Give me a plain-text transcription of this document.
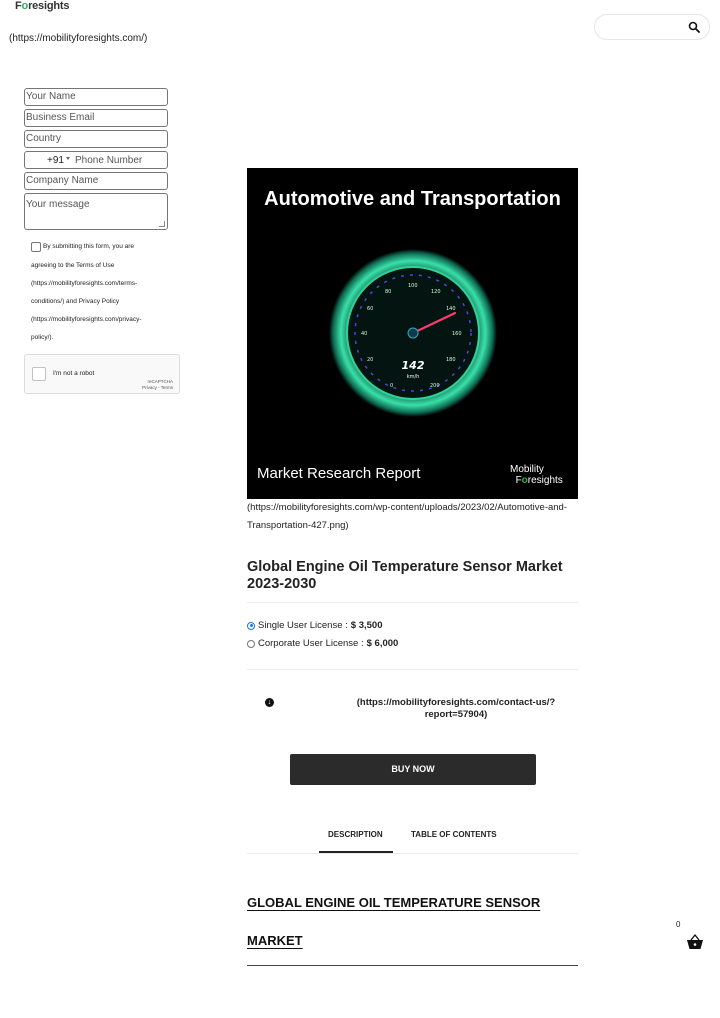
Foresights
(https://mobilityforesights.com/)
Your Name
Business Email
Country
+91 Phone Number
Company Name
Your message
By submitting this form, you are
agreeing to the Terms of Use
(https://mobilityforesights.com/terms-
conditions/) and Privacy Policy
(https://mobilityforesights.com/privacy-
policy/).
I'm not a robot
reCAPTCHA
Privacy - Terms
Automotive and Transportation
0
20
40
60
80
100
120
140
160
180
200
142
km/h
Market Research Report	Mobility
Foresights
(https://mobilityforesights.com/wp-content/uploads/2023/02/Automotive-and-
Transportation-427.png)
Global Engine Oil Temperature Sensor Market
2023-2030
Single User License : $ 3,500
Corporate User License : $ 6,000
↓	(https://mobilityforesights.com/contact-us/?
report=57904)
BUY NOW
DESCRIPTION	TABLE OF CONTENTS
GLOBAL ENGINE OIL TEMPERATURE SENSOR
MARKET
0
